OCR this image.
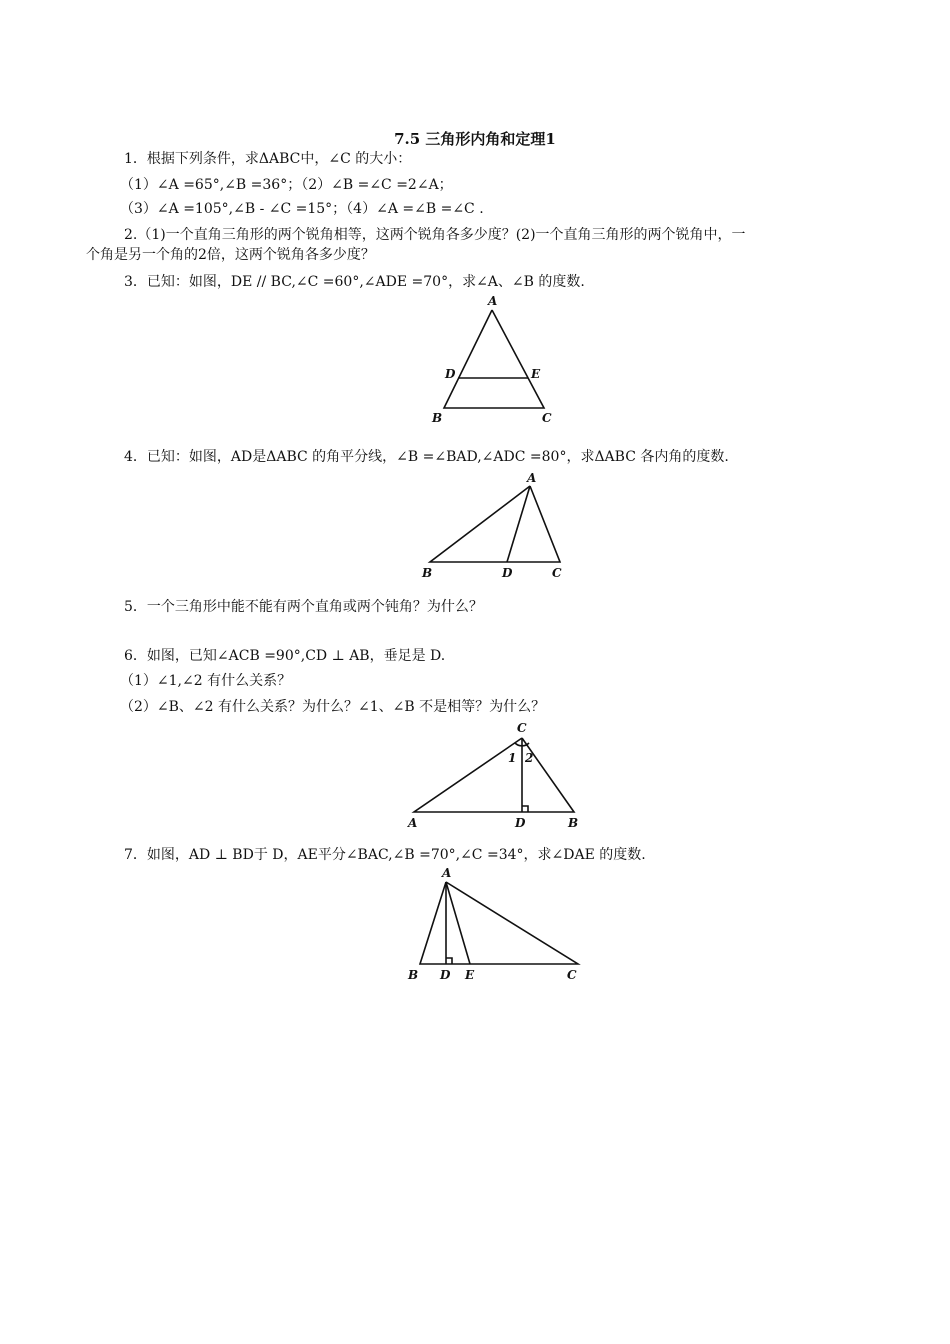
7.5 三角形内角和定理1
1．根据下列条件，求ΔABC中，∠C 的大小：
（1）∠A =65°,∠B =36°；（2）∠B =∠C =2∠A；
（3）∠A =105°,∠B - ∠C =15°；（4）∠A =∠B =∠C .
2.（1)一个直角三角形的两个锐角相等，这两个锐角各多少度？(2)一个直角三角形的两个锐角中，一
个角是另一个角的2倍，这两个锐角各多少度？
3．已知：如图，DE // BC,∠C =60°,∠ADE =70°，求∠A、∠B 的度数.
A
D	E
B	C
4．已知：如图，AD是ΔABC 的角平分线，∠B =∠BAD,∠ADC =80°，求ΔABC 各内角的度数.
A
B	D	C
5．一个三角形中能不能有两个直角或两个钝角？为什么？
6．如图，已知∠ACB =90°,CD ⊥ AB，垂足是 D.
（1）∠1,∠2 有什么关系？
（2）∠B、∠2 有什么关系？为什么？∠1、∠B 不是相等？为什么？
C
1 2
A	D	B
7．如图，AD ⊥ BD于 D，AE平分∠BAC,∠B =70°,∠C =34°，求∠DAE 的度数.
A
B D E	C
